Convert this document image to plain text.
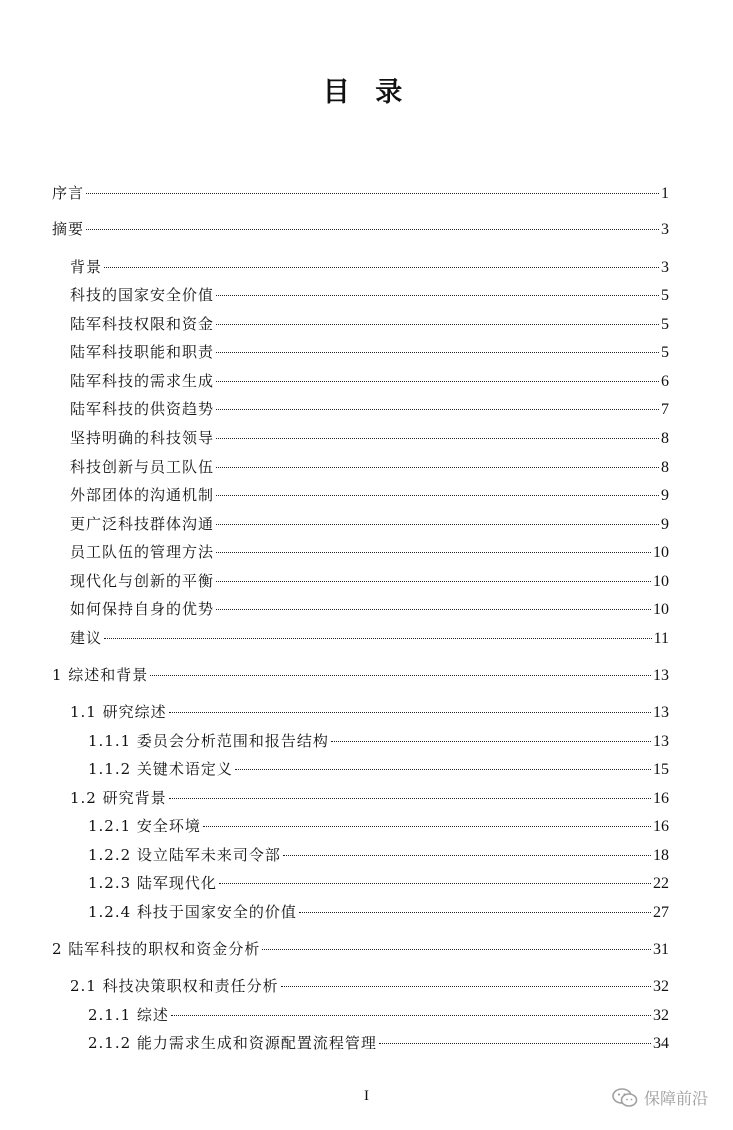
目 录
序言	1
摘要	3
背景	3
科技的国家安全价值	5
陆军科技权限和资金	5
陆军科技职能和职责	5
陆军科技的需求生成	6
陆军科技的供资趋势	7
坚持明确的科技领导	8
科技创新与员工队伍	8
外部团体的沟通机制	9
更广泛科技群体沟通	9
员工队伍的管理方法	10
现代化与创新的平衡	10
如何保持自身的优势	10
建议	11
1 综述和背景	13
1.1 研究综述	13
1.1.1 委员会分析范围和报告结构	13
1.1.2 关键术语定义	15
1.2 研究背景	16
1.2.1 安全环境	16
1.2.2 设立陆军未来司令部	18
1.2.3 陆军现代化	22
1.2.4 科技于国家安全的价值	27
2 陆军科技的职权和资金分析	31
2.1 科技决策职权和责任分析	32
2.1.1 综述	32
2.1.2 能力需求生成和资源配置流程管理	34
I	保障前沿
